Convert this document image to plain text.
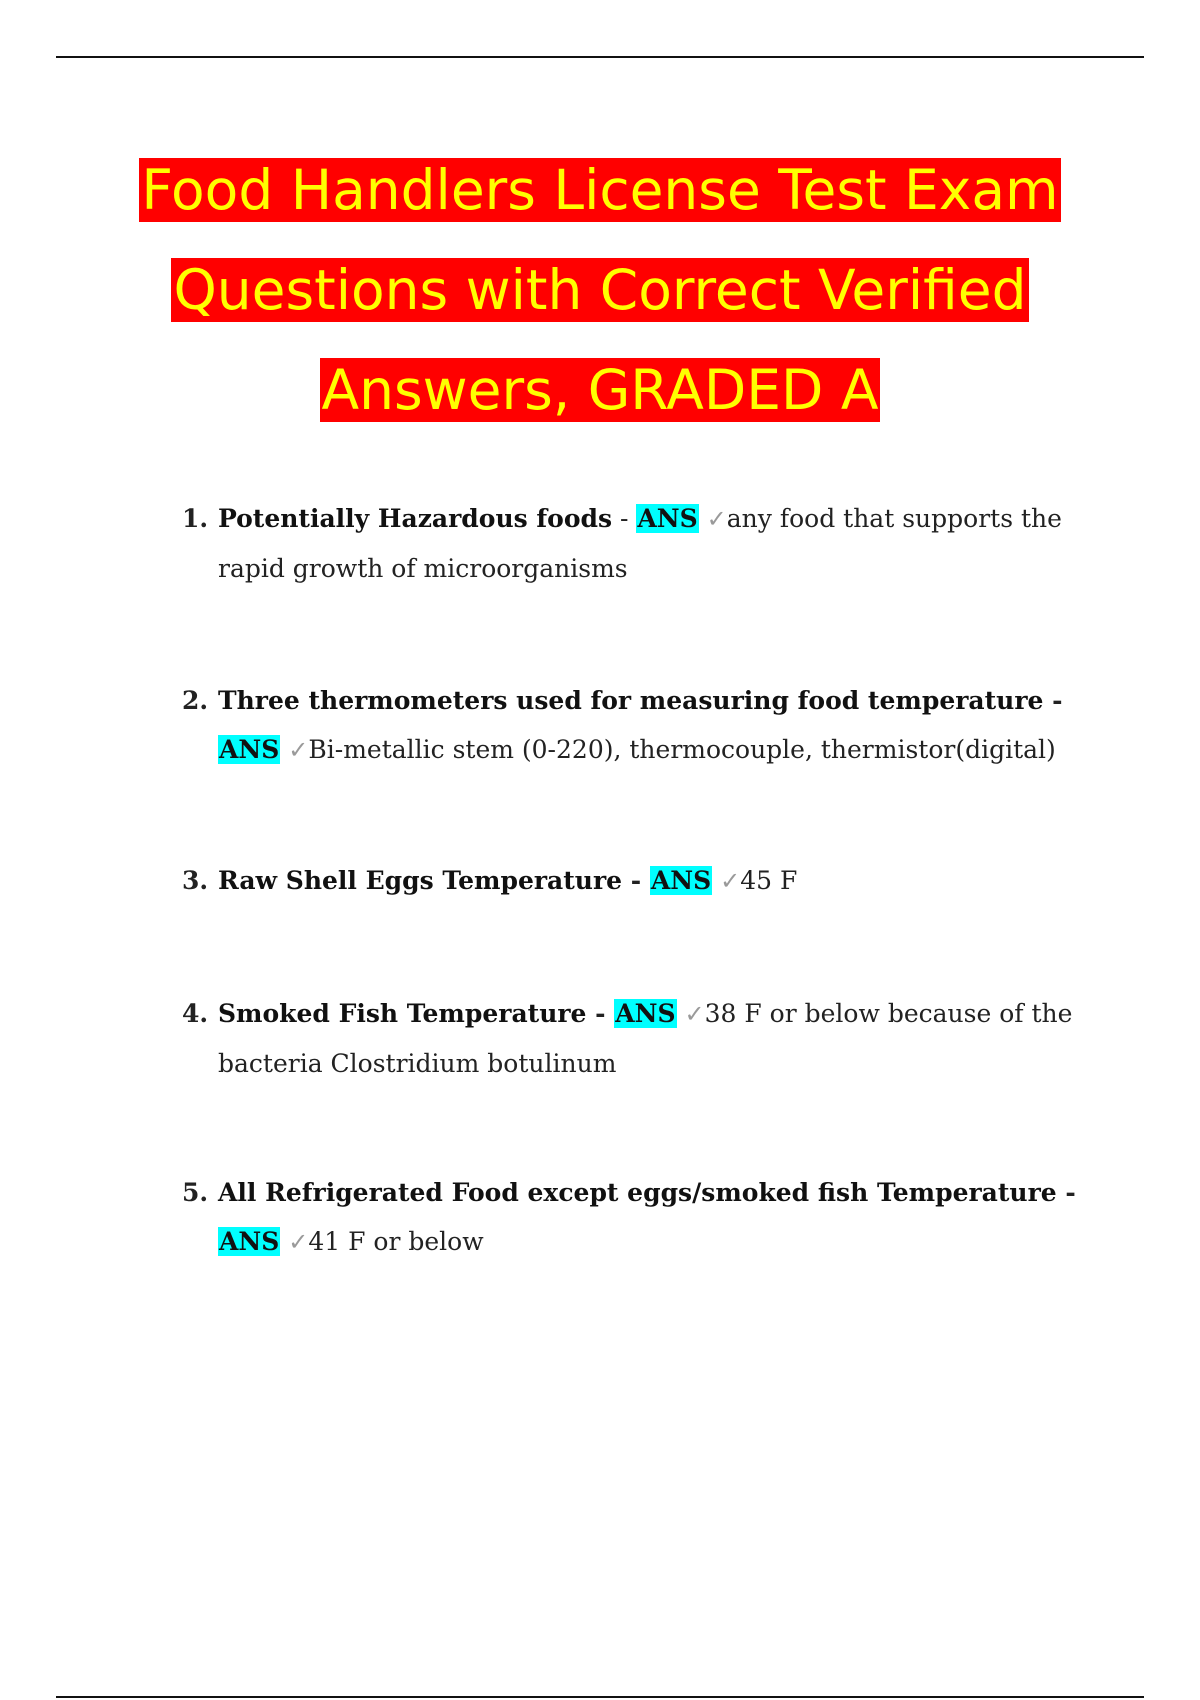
Food Handlers License Test Exam
Questions with Correct Verified
Answers, GRADED A
1. Potentially Hazardous foods - ANS ✓any food that supports the rapid growth of microorganisms
2. Three thermometers used for measuring food temperature - ANS ✓Bi-metallic stem (0-220), thermocouple, thermistor(digital)
3. Raw Shell Eggs Temperature - ANS ✓45 F
4. Smoked Fish Temperature - ANS ✓38 F or below because of the bacteria Clostridium botulinum
5. All Refrigerated Food except eggs/smoked fish Temperature - ANS ✓41 F or below
